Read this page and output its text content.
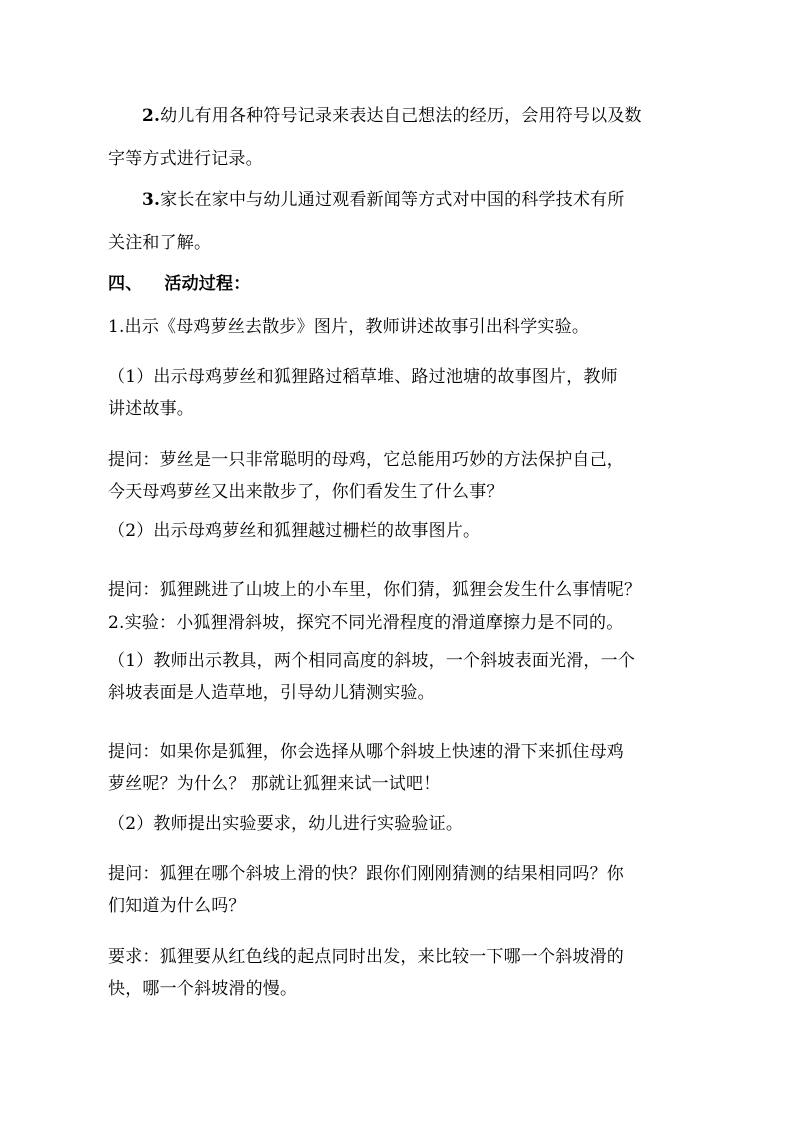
2.幼儿有用各种符号记录来表达自己想法的经历，会用符号以及数
字等方式进行记录。
3.家长在家中与幼儿通过观看新闻等方式对中国的科学技术有所
关注和了解。
四、 活动过程：
1.出示《母鸡萝丝去散步》图片，教师讲述故事引出科学实验。
（1）出示母鸡萝丝和狐狸路过稻草堆、路过池塘的故事图片，教师
讲述故事。
提问：萝丝是一只非常聪明的母鸡，它总能用巧妙的方法保护自己，
今天母鸡萝丝又出来散步了，你们看发生了什么事？
（2）出示母鸡萝丝和狐狸越过栅栏的故事图片。
提问：狐狸跳进了山坡上的小车里，你们猜，狐狸会发生什么事情呢？
2.实验：小狐狸滑斜坡，探究不同光滑程度的滑道摩擦力是不同的。
（1）教师出示教具，两个相同高度的斜坡，一个斜坡表面光滑，一个
斜坡表面是人造草地，引导幼儿猜测实验。
提问：如果你是狐狸，你会选择从哪个斜坡上快速的滑下来抓住母鸡
萝丝呢？为什么？ 那就让狐狸来试一试吧！
（2）教师提出实验要求，幼儿进行实验验证。
提问：狐狸在哪个斜坡上滑的快？跟你们刚刚猜测的结果相同吗？你
们知道为什么吗？
要求：狐狸要从红色线的起点同时出发，来比较一下哪一个斜坡滑的
快，哪一个斜坡滑的慢。
